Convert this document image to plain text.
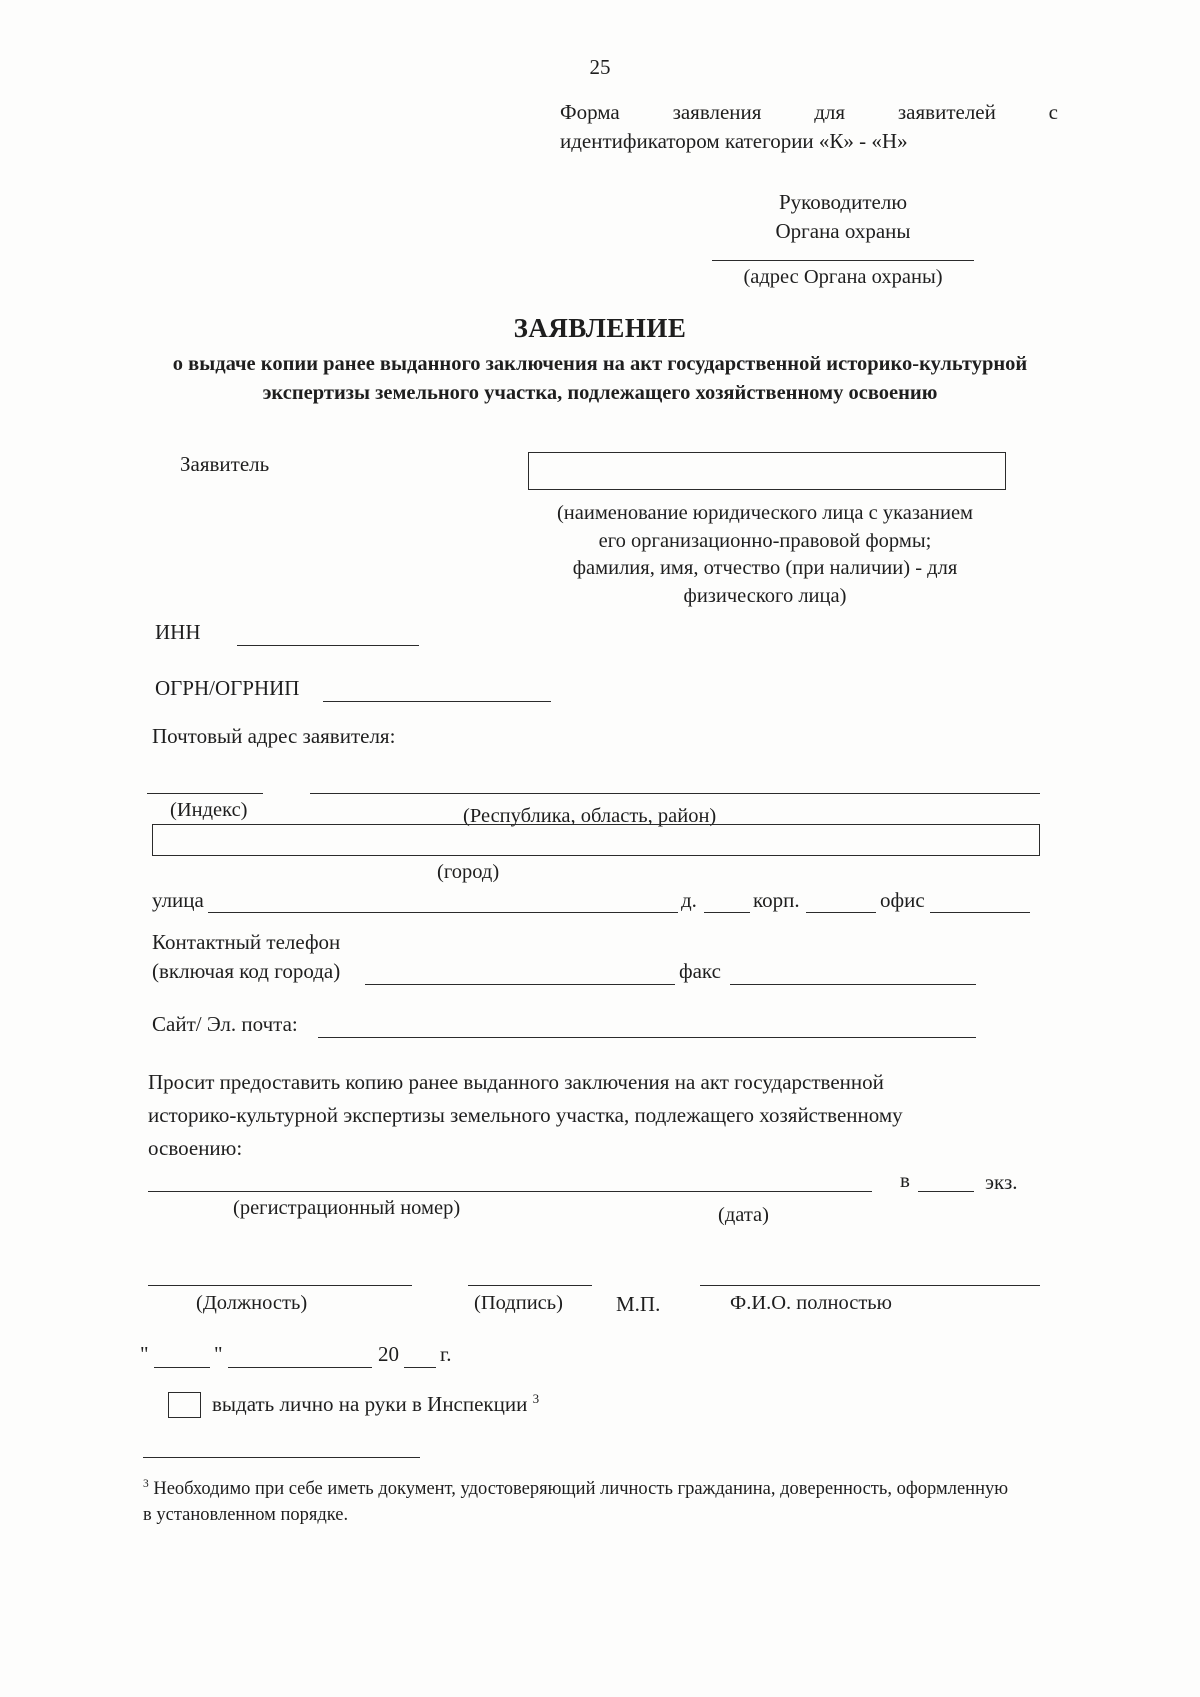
25
Форма заявления для заявителей с
идентификатором категории «К» - «Н»
Руководителю
Органа охраны
(адрес Органа охраны)
ЗАЯВЛЕНИЕ
о выдаче копии ранее выданного заключения на акт государственной историко-культурной
экспертизы земельного участка, подлежащего хозяйственному освоению
Заявитель
(наименование юридического лица с указанием
его организационно-правовой формы;
фамилия, имя, отчество (при наличии) - для
физического лица)
ИНН
ОГРН/ОГРНИП
Почтовый адрес заявителя:
(Индекс)	(Республика, область, район)
(город)
улица	д.	корп.	офис
Контактный телефон
(включая код города)	факс
Сайт/ Эл. почта:
Просит предоставить копию ранее выданного заключения на акт государственной
историко-культурной экспертизы земельного участка, подлежащего хозяйственному
освоению:
в	экз.
(регистрационный номер)	(дата)
(Должность)	(Подпись)	М.П.	Ф.И.О. полностью
"	"	20 г.
выдать лично на руки в Инспекции $^3$
$^3$ Необходимо при себе иметь документ, удостоверяющий личность гражданина, доверенность, оформленную
в установленном порядке.
